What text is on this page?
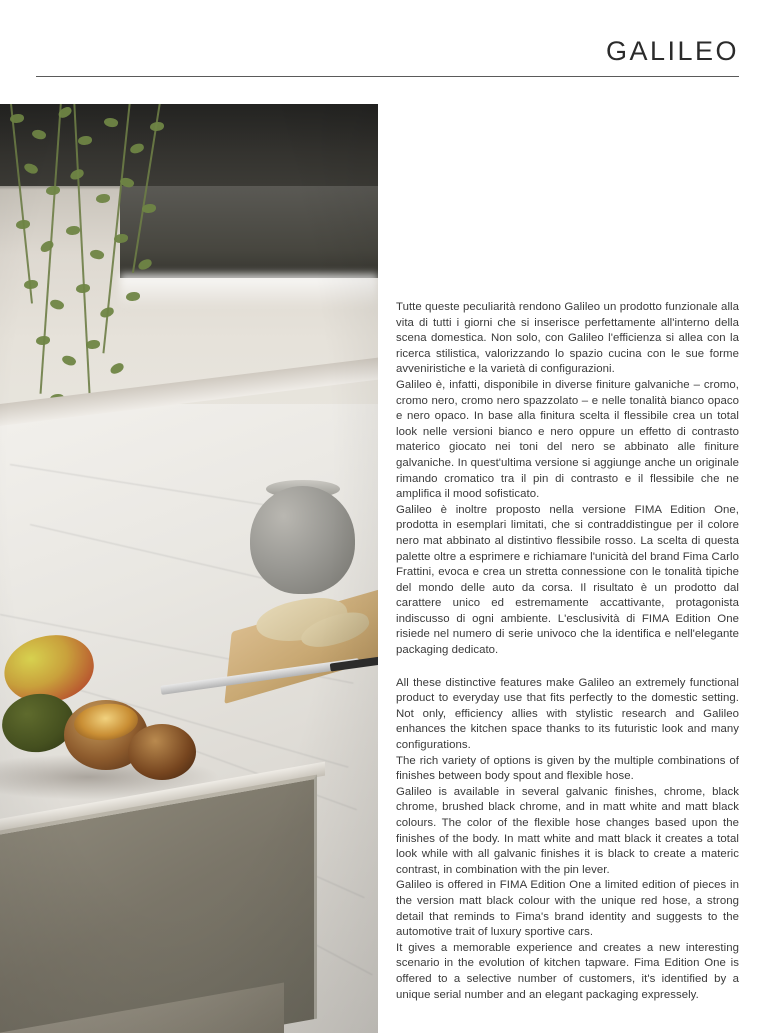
GALILEO

Tutte queste peculiarità rendono Galileo un prodotto funzionale alla vita di tutti i giorni che si inserisce perfettamente all'interno della scena domestica. Non solo, con Galileo l'efficienza si allea con la ricerca stilistica, valorizzando lo spazio cucina con le sue forme avveniristiche e la varietà di configurazioni.

Galileo è, infatti, disponibile in diverse finiture galvaniche – cromo, cromo nero, cromo nero spazzolato – e nelle tonalità bianco opaco e nero opaco. In base alla finitura scelta il flessibile crea un total look nelle versioni bianco e nero oppure un effetto di contrasto materico giocato nei toni del nero se abbinato alle finiture galvaniche. In quest'ultima versione si aggiunge anche un originale rimando cromatico tra il pin di contrasto e il flessibile che ne amplifica il mood sofisticato.

Galileo è inoltre proposto nella versione FIMA Edition One, prodotta in esemplari limitati, che si contraddistingue per il colore nero mat abbinato al distintivo flessibile rosso. La scelta di questa palette oltre a esprimere e richiamare l'unicità del brand Fima Carlo Frattini, evoca e crea un stretta connessione con le tonalità tipiche del mondo delle auto da corsa. Il risultato è un prodotto dal carattere unico ed estremamente accattivante, protagonista indiscusso di ogni ambiente. L'esclusività di FIMA Edition One risiede nel numero di serie univoco che la identifica e nell'elegante packaging dedicato.

All these distinctive features make Galileo an extremely functional product to everyday use that fits perfectly to the domestic setting. Not only, efficiency allies with stylistic research and Galileo enhances the kitchen space thanks to its futuristic look and many configurations.

The rich variety of options is given by the multiple combinations of finishes between body spout and flexible hose.

Galileo is available in several galvanic finishes, chrome, black chrome, brushed black chrome, and in matt white and matt black colours. The color of the flexible hose changes based upon the finishes of the body. In matt white and matt black it creates a total look while with all galvanic finishes it is black to create a materic contrast, in combination with the pin lever.

Galileo is offered in FIMA Edition One a limited edition of pieces in the version matt black colour with the unique red hose, a strong detail that reminds to Fima's brand identity and suggests to the automotive trait of luxury sportive cars.

It gives a memorable experience and creates a new interesting scenario in the evolution of kitchen tapware. Fima Edition One is offered to a selective number of customers, it's identified by a unique serial number and an elegant packaging expressely.
